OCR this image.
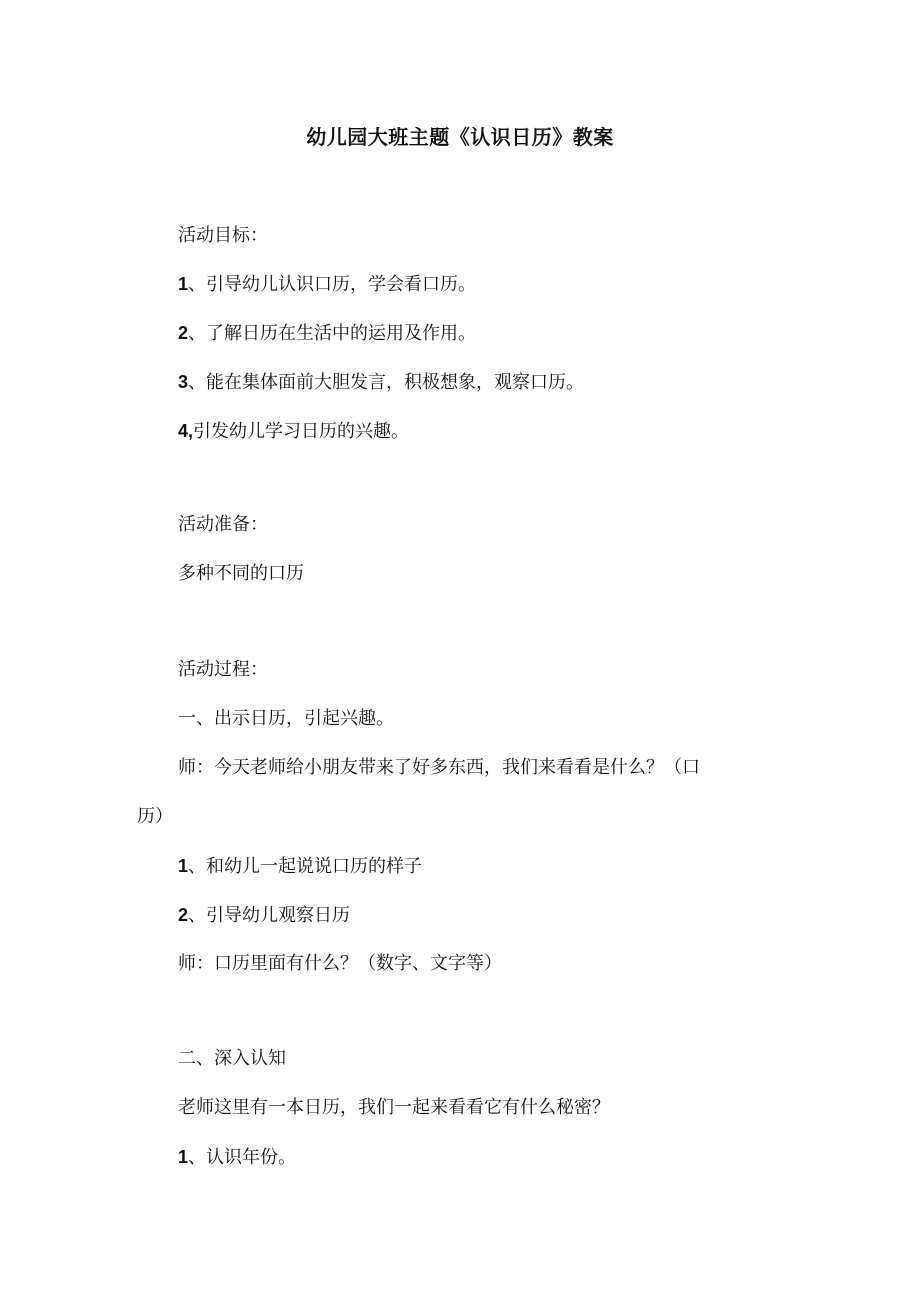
幼儿园大班主题《认识日历》教案
活动目标：
1、引导幼儿认识口历，学会看口历。
2、了解日历在生活中的运用及作用。
3、能在集体面前大胆发言，积极想象，观察口历。
4,引发幼儿学习日历的兴趣。
活动准备：
多种不同的口历
活动过程：
一、出示日历，引起兴趣。
师：今天老师给小朋友带来了好多东西，我们来看看是什么？（口
历）
1、和幼儿一起说说口历的样子
2、引导幼儿观察日历
师：口历里面有什么？（数字、文字等）
二、深入认知
老师这里有一本日历，我们一起来看看它有什么秘密？
1、认识年份。
